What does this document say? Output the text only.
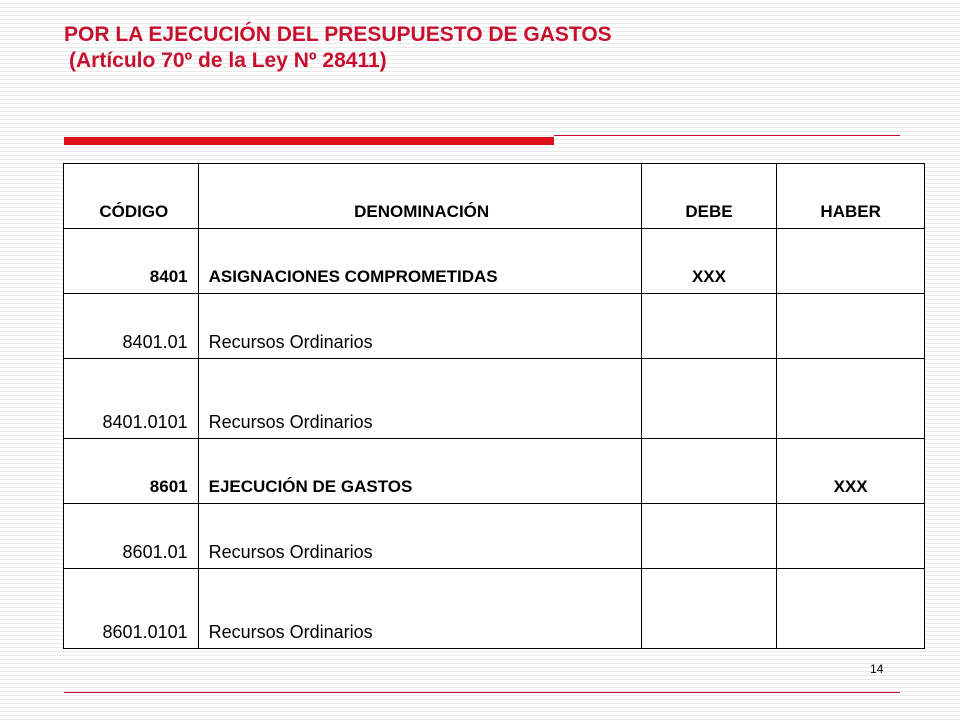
POR LA EJECUCIÓN DEL PRESUPUESTO DE GASTOS
(Artículo 70º de la Ley Nº 28411)
CÓDIGO	DENOMINACIÓN	DEBE	HABER
8401	ASIGNACIONES COMPROMETIDAS	XXX	
8401.01	Recursos Ordinarios		
8401.0101	Recursos Ordinarios		
8601	EJECUCIÓN DE GASTOS		XXX
8601.01	Recursos Ordinarios		
8601.0101	Recursos Ordinarios		
14
